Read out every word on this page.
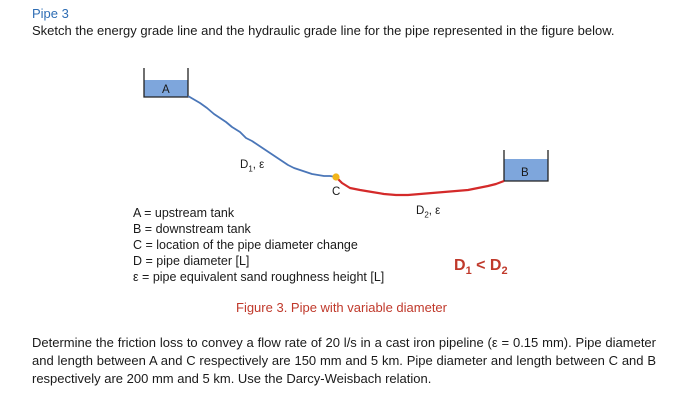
Pipe 3
Sketch the energy grade line and the hydraulic grade line for the pipe represented in the figure below.
A
B
C
$D_1$, ε
$D_2$, ε
A = upstream tank
B = downstream tank
C = location of the pipe diameter change
D = pipe diameter [L]
ε = pipe equivalent sand roughness height [L]
$D_1 < D_2$
Figure 3. Pipe with variable diameter
Determine the friction loss to convey a flow rate of 20 l/s in a cast iron pipeline (ε = 0.15 mm). Pipe diameter and length between A and C respectively are 150 mm and 5 km. Pipe diameter and length between C and B respectively are 200 mm and 5 km. Use the Darcy-Weisbach relation.
